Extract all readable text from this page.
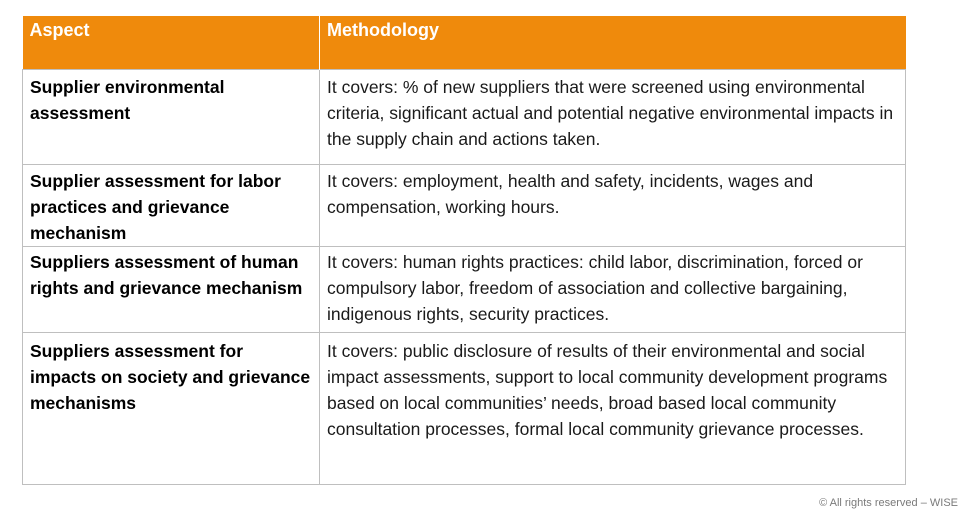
Aspect	Methodology
Supplier environmental assessment	It covers: % of new suppliers that were screened using environmental criteria, significant actual and potential negative environmental impacts in the supply chain and actions taken.
Supplier assessment for labor practices and grievance mechanism	It covers: employment, health and safety, incidents, wages and compensation, working hours.
Suppliers assessment of human rights and grievance mechanism	It covers: human rights practices: child labor, discrimination, forced or compulsory labor, freedom of association and collective bargaining, indigenous rights, security practices.
Suppliers assessment for impacts on society and grievance mechanisms	It covers: public disclosure of results of their environmental and social impact assessments, support to local community development programs based on local communities’ needs, broad based local community consultation processes, formal local community grievance processes.
© All rights reserved – WISE
